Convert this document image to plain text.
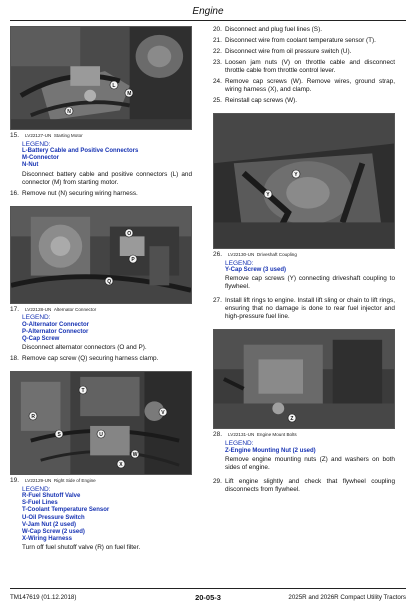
Engine
M
L
N
15. LV22127-UN Starting Motor
LEGEND:
L-Battery Cable and Positive Connectors
M-Connector
N-Nut
Disconnect battery cable and positive connectors (L) and connector (M) from starting motor.
16. Remove nut (N) securing wiring harness.
O
P
Q
17. LV22128-UN Alternator Connector
LEGEND:
O-Alternator Connector
P-Alternator Connector
Q-Cap Screw
Disconnect alternator connectors (O and P).
18. Remove cap screw (Q) securing harness clamp.
R
S
T
U
V
W
X
19. LV22129-UN Right Side of Engine
LEGEND:
R-Fuel Shutoff Valve
S-Fuel Lines
T-Coolant Temperature Sensor
U-Oil Pressure Switch
V-Jam Nut (2 used)
W-Cap Screw (2 used)
X-Wiring Harness
Turn off fuel shutoff valve (R) on fuel filter.
20. Disconnect and plug fuel lines (S).
21. Disconnect wire from coolant temperature sensor (T).
22. Disconnect wire from oil pressure switch (U).
23. Loosen jam nuts (V) on throttle cable and disconnect throttle cable from throttle control lever.
24. Remove cap screws (W). Remove wires, ground strap, wiring harness (X), and clamp.
25. Reinstall cap screws (W).
Y
Y
26. LV22130-UN Driveshaft Coupling
LEGEND:
Y-Cap Screw (3 used)
Remove cap screws (Y) connecting driveshaft coupling to flywheel.
27. Install lift rings to engine. Install lift sling or chain to lift rings, ensuring that no damage is done to rear fuel injector and high-pressure fuel line.
Z
28. LV22131-UN Engine Mount Bolts
LEGEND:
Z-Engine Mounting Nut (2 used)
Remove engine mounting nuts (Z) and washers on both sides of engine.
29. Lift engine slightly and check that flywheel coupling disconnects from flywheel.
TM147619 (01.12.2018)	20-05-3	2025R and 2026R Compact Utility Tractors
